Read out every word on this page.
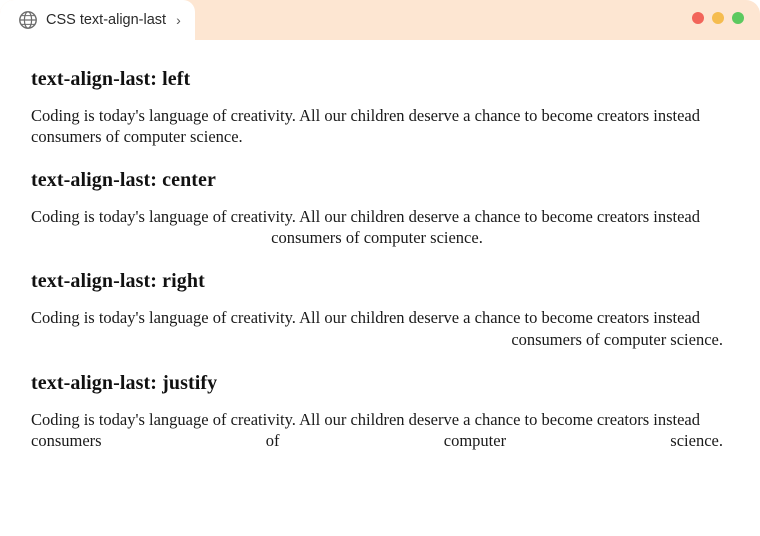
CSS text-align-last ›
text-align-last: left

Coding is today's language of creativity. All our children deserve a chance to become creators instead consumers of computer science.

text-align-last: center

Coding is today's language of creativity. All our children deserve a chance to become creators instead consumers of computer science.

text-align-last: right

Coding is today's language of creativity. All our children deserve a chance to become creators instead consumers of computer science.

text-align-last: justify

Coding is today's language of creativity. All our children deserve a chance to become creators instead consumers of computer science.
